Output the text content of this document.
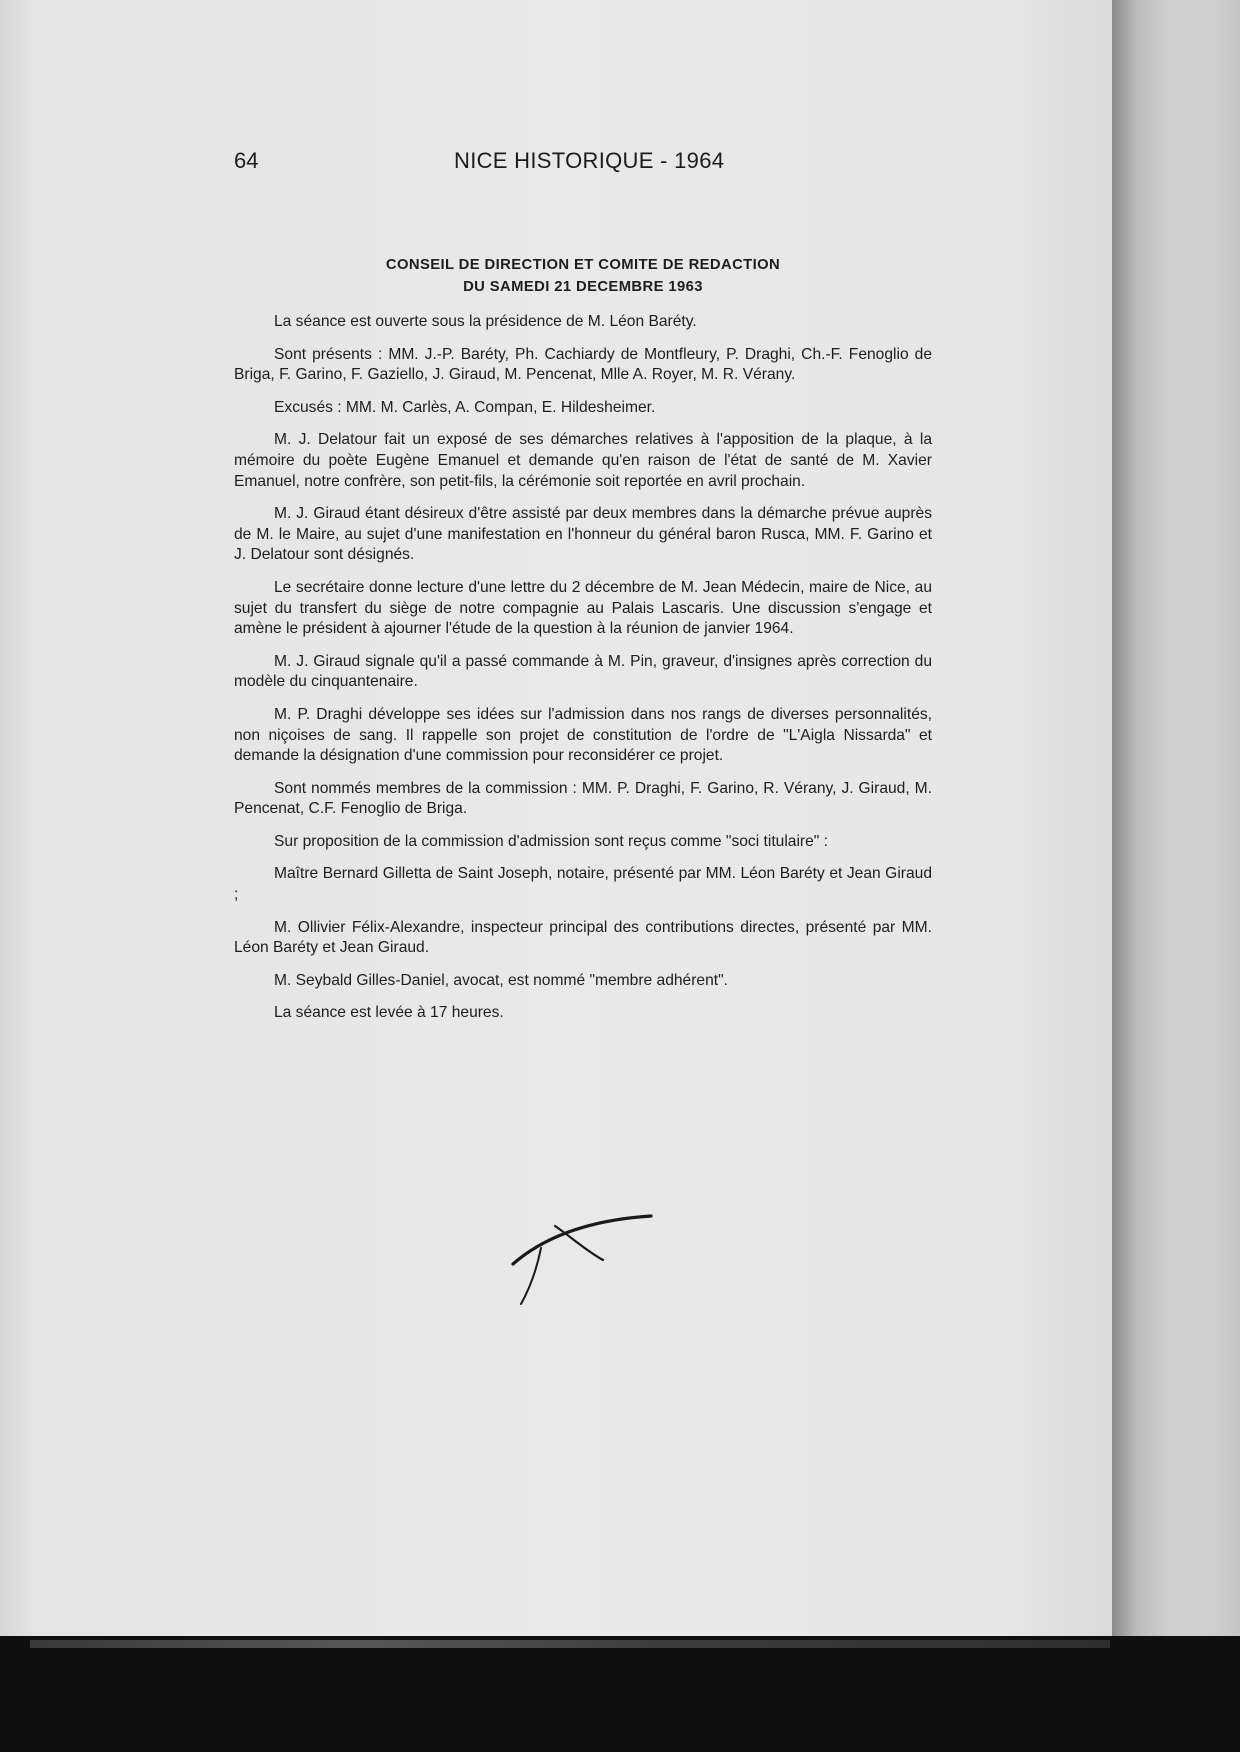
64	NICE HISTORIQUE - 1964
CONSEIL DE DIRECTION ET COMITE DE REDACTION
DU SAMEDI 21 DECEMBRE 1963

La séance est ouverte sous la présidence de M. Léon Baréty.

Sont présents : MM. J.-P. Baréty, Ph. Cachiardy de Montfleury, P. Draghi, Ch.-F. Fenoglio de Briga, F. Garino, F. Gaziello, J. Giraud, M. Pencenat, Mlle A. Royer, M. R. Vérany.

Excusés : MM. M. Carlès, A. Compan, E. Hildesheimer.

M. J. Delatour fait un exposé de ses démarches relatives à l'apposition de la plaque, à la mémoire du poète Eugène Emanuel et demande qu'en raison de l'état de santé de M. Xavier Emanuel, notre confrère, son petit-fils, la cérémonie soit reportée en avril prochain.

M. J. Giraud étant désireux d'être assisté par deux membres dans la démarche prévue auprès de M. le Maire, au sujet d'une manifestation en l'honneur du général baron Rusca, MM. F. Garino et J. Delatour sont désignés.

Le secrétaire donne lecture d'une lettre du 2 décembre de M. Jean Médecin, maire de Nice, au sujet du transfert du siège de notre compagnie au Palais Lascaris. Une discussion s'engage et amène le président à ajourner l'étude de la question à la réunion de janvier 1964.

M. J. Giraud signale qu'il a passé commande à M. Pin, graveur, d'insignes après correction du modèle du cinquantenaire.

M. P. Draghi développe ses idées sur l'admission dans nos rangs de diverses personnalités, non niçoises de sang. Il rappelle son projet de constitution de l'ordre de "L'Aigla Nissarda" et demande la désignation d'une commission pour reconsidérer ce projet.

Sont nommés membres de la commission : MM. P. Draghi, F. Garino, R. Vérany, J. Giraud, M. Pencenat, C.F. Fenoglio de Briga.

Sur proposition de la commission d'admission sont reçus comme "soci titulaire" :

Maître Bernard Gilletta de Saint Joseph, notaire, présenté par MM. Léon Baréty et Jean Giraud ;

M. Ollivier Félix-Alexandre, inspecteur principal des contributions directes, présenté par MM. Léon Baréty et Jean Giraud.

M. Seybald Gilles-Daniel, avocat, est nommé "membre adhérent".

La séance est levée à 17 heures.
